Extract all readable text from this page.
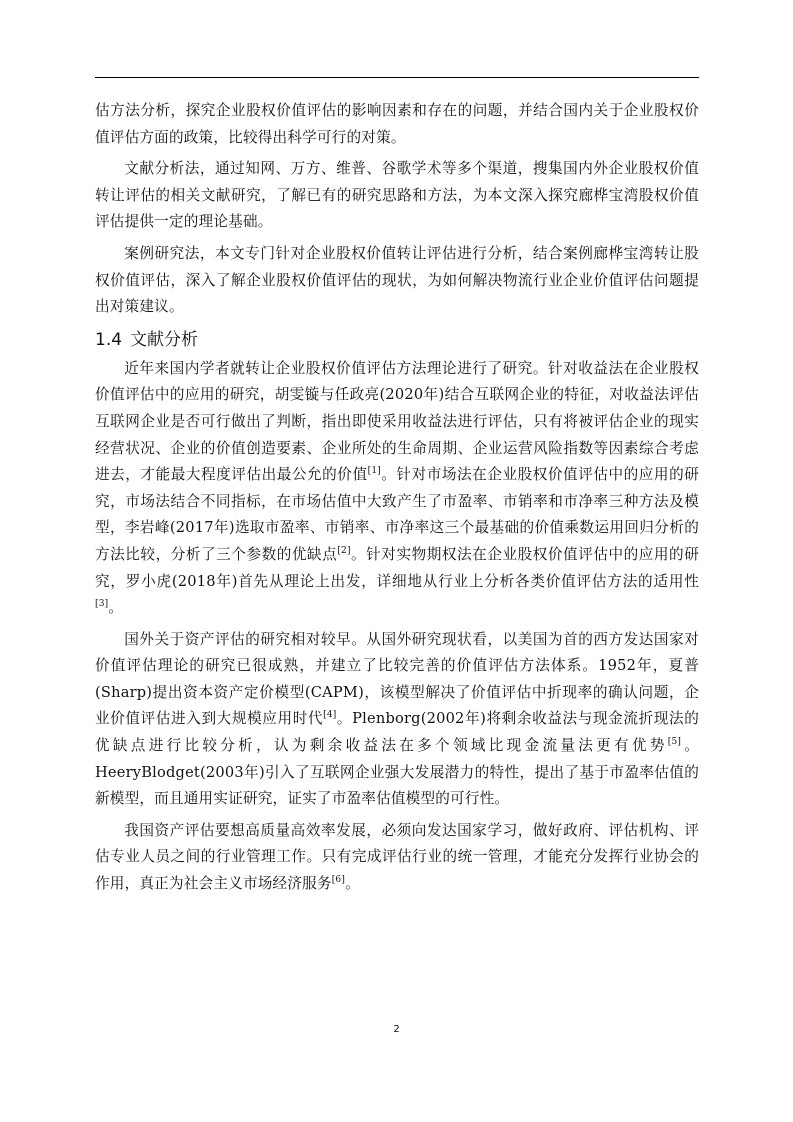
估方法分析，探究企业股权价值评估的影响因素和存在的问题，并结合国内关于企业股权价值评估方面的政策，比较得出科学可行的对策。

文献分析法，通过知网、万方、维普、谷歌学术等多个渠道，搜集国内外企业股权价值转让评估的相关文献研究，了解已有的研究思路和方法，为本文深入探究廊桦宝湾股权价值评估提供一定的理论基础。

案例研究法，本文专门针对企业股权价值转让评估进行分析，结合案例廊桦宝湾转让股权价值评估，深入了解企业股权价值评估的现状，为如何解决物流行业企业价值评估问题提出对策建议。

1.4 文献分析

近年来国内学者就转让企业股权价值评估方法理论进行了研究。针对收益法在企业股权价值评估中的应用的研究，胡雯镟与任政亮(2020年)结合互联网企业的特征，对收益法评估互联网企业是否可行做出了判断，指出即使采用收益法进行评估，只有将被评估企业的现实经营状况、企业的价值创造要素、企业所处的生命周期、企业运营风险指数等因素综合考虑进去，才能最大程度评估出最公允的价值[1]。针对市场法在企业股权价值评估中的应用的研究，市场法结合不同指标，在市场估值中大致产生了市盈率、市销率和市净率三种方法及模型，李岩峰(2017年)选取市盈率、市销率、市净率这三个最基础的价值乘数运用回归分析的方法比较，分析了三个参数的优缺点[2]。针对实物期权法在企业股权价值评估中的应用的研究，罗小虎(2018年)首先从理论上出发，详细地从行业上分析各类价值评估方法的适用性[3]。

国外关于资产评估的研究相对较早。从国外研究现状看，以美国为首的西方发达国家对价值评估理论的研究已很成熟，并建立了比较完善的价值评估方法体系。1952年，夏普(Sharp)提出资本资产定价模型(CAPM)，该模型解决了价值评估中折现率的确认问题，企业价值评估进入到大规模应用时代[4]。Plenborg(2002年)将剩余收益法与现金流折现法的优缺点进行比较分析，认为剩余收益法在多个领域比现金流量法更有优势[5]。HeeryBlodget(2003年)引入了互联网企业强大发展潜力的特性，提出了基于市盈率估值的新模型，而且通用实证研究，证实了市盈率估值模型的可行性。

我国资产评估要想高质量高效率发展，必须向发达国家学习，做好政府、评估机构、评估专业人员之间的行业管理工作。只有完成评估行业的统一管理，才能充分发挥行业协会的作用，真正为社会主义市场经济服务[6]。

2
